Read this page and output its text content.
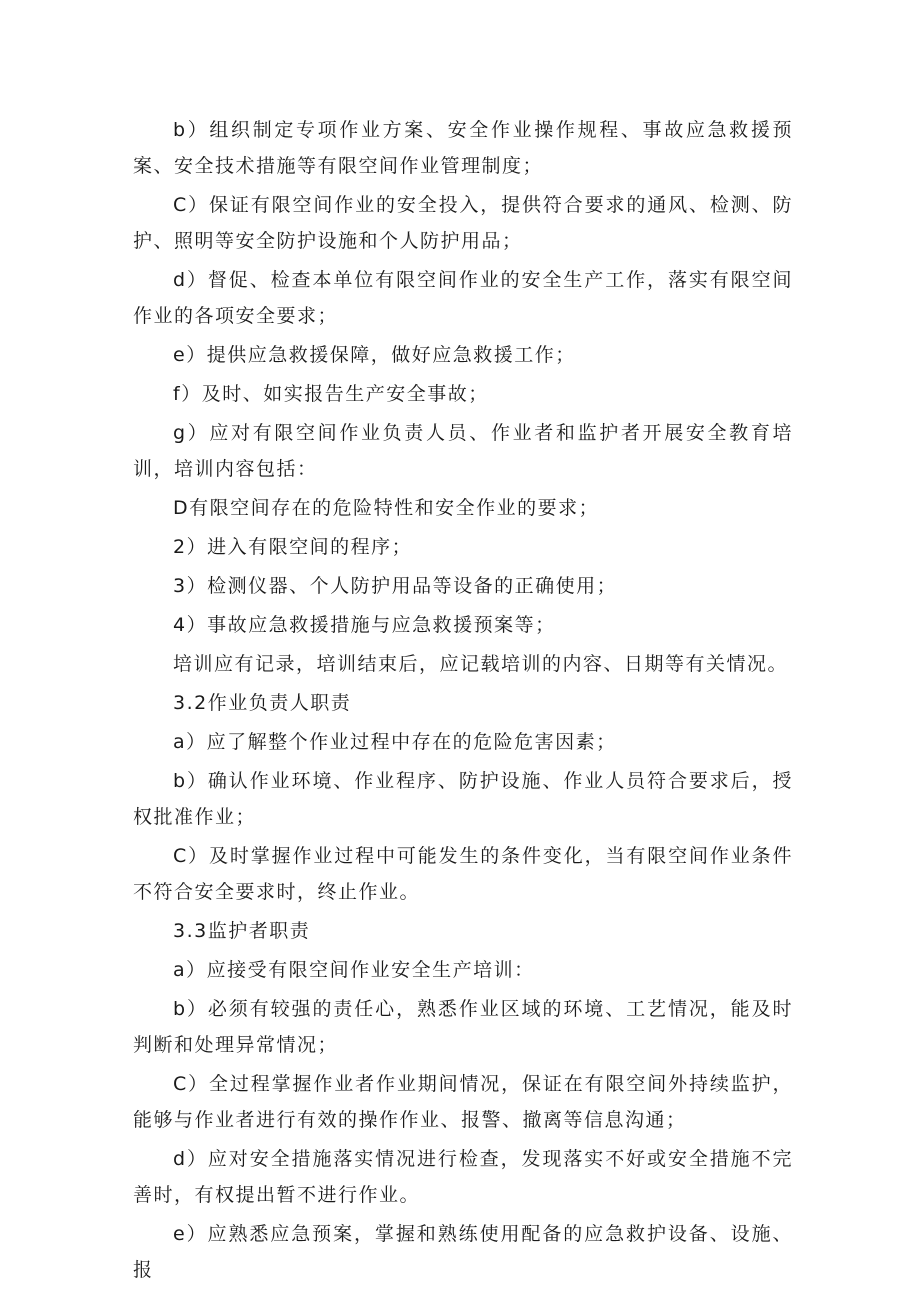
b）组织制定专项作业方案、安全作业操作规程、事故应急救援预案、安全技术措施等有限空间作业管理制度；

C）保证有限空间作业的安全投入，提供符合要求的通风、检测、防护、照明等安全防护设施和个人防护用品；

d）督促、检查本单位有限空间作业的安全生产工作，落实有限空间作业的各项安全要求；

e）提供应急救援保障，做好应急救援工作；

f）及时、如实报告生产安全事故；

g）应对有限空间作业负责人员、作业者和监护者开展安全教育培训，培训内容包括：

D有限空间存在的危险特性和安全作业的要求；

2）进入有限空间的程序；

3）检测仪器、个人防护用品等设备的正确使用；

4）事故应急救援措施与应急救援预案等；

培训应有记录，培训结束后，应记载培训的内容、日期等有关情况。

3.2作业负责人职责

a）应了解整个作业过程中存在的危险危害因素；

b）确认作业环境、作业程序、防护设施、作业人员符合要求后，授权批准作业；

C）及时掌握作业过程中可能发生的条件变化，当有限空间作业条件不符合安全要求时，终止作业。

3.3监护者职责

a）应接受有限空间作业安全生产培训：

b）必须有较强的责任心，熟悉作业区域的环境、工艺情况，能及时判断和处理异常情况；

C）全过程掌握作业者作业期间情况，保证在有限空间外持续监护，能够与作业者进行有效的操作作业、报警、撤离等信息沟通；

d）应对安全措施落实情况进行检查，发现落实不好或安全措施不完善时，有权提出暂不进行作业。

e）应熟悉应急预案，掌握和熟练使用配备的应急救护设备、设施、报
